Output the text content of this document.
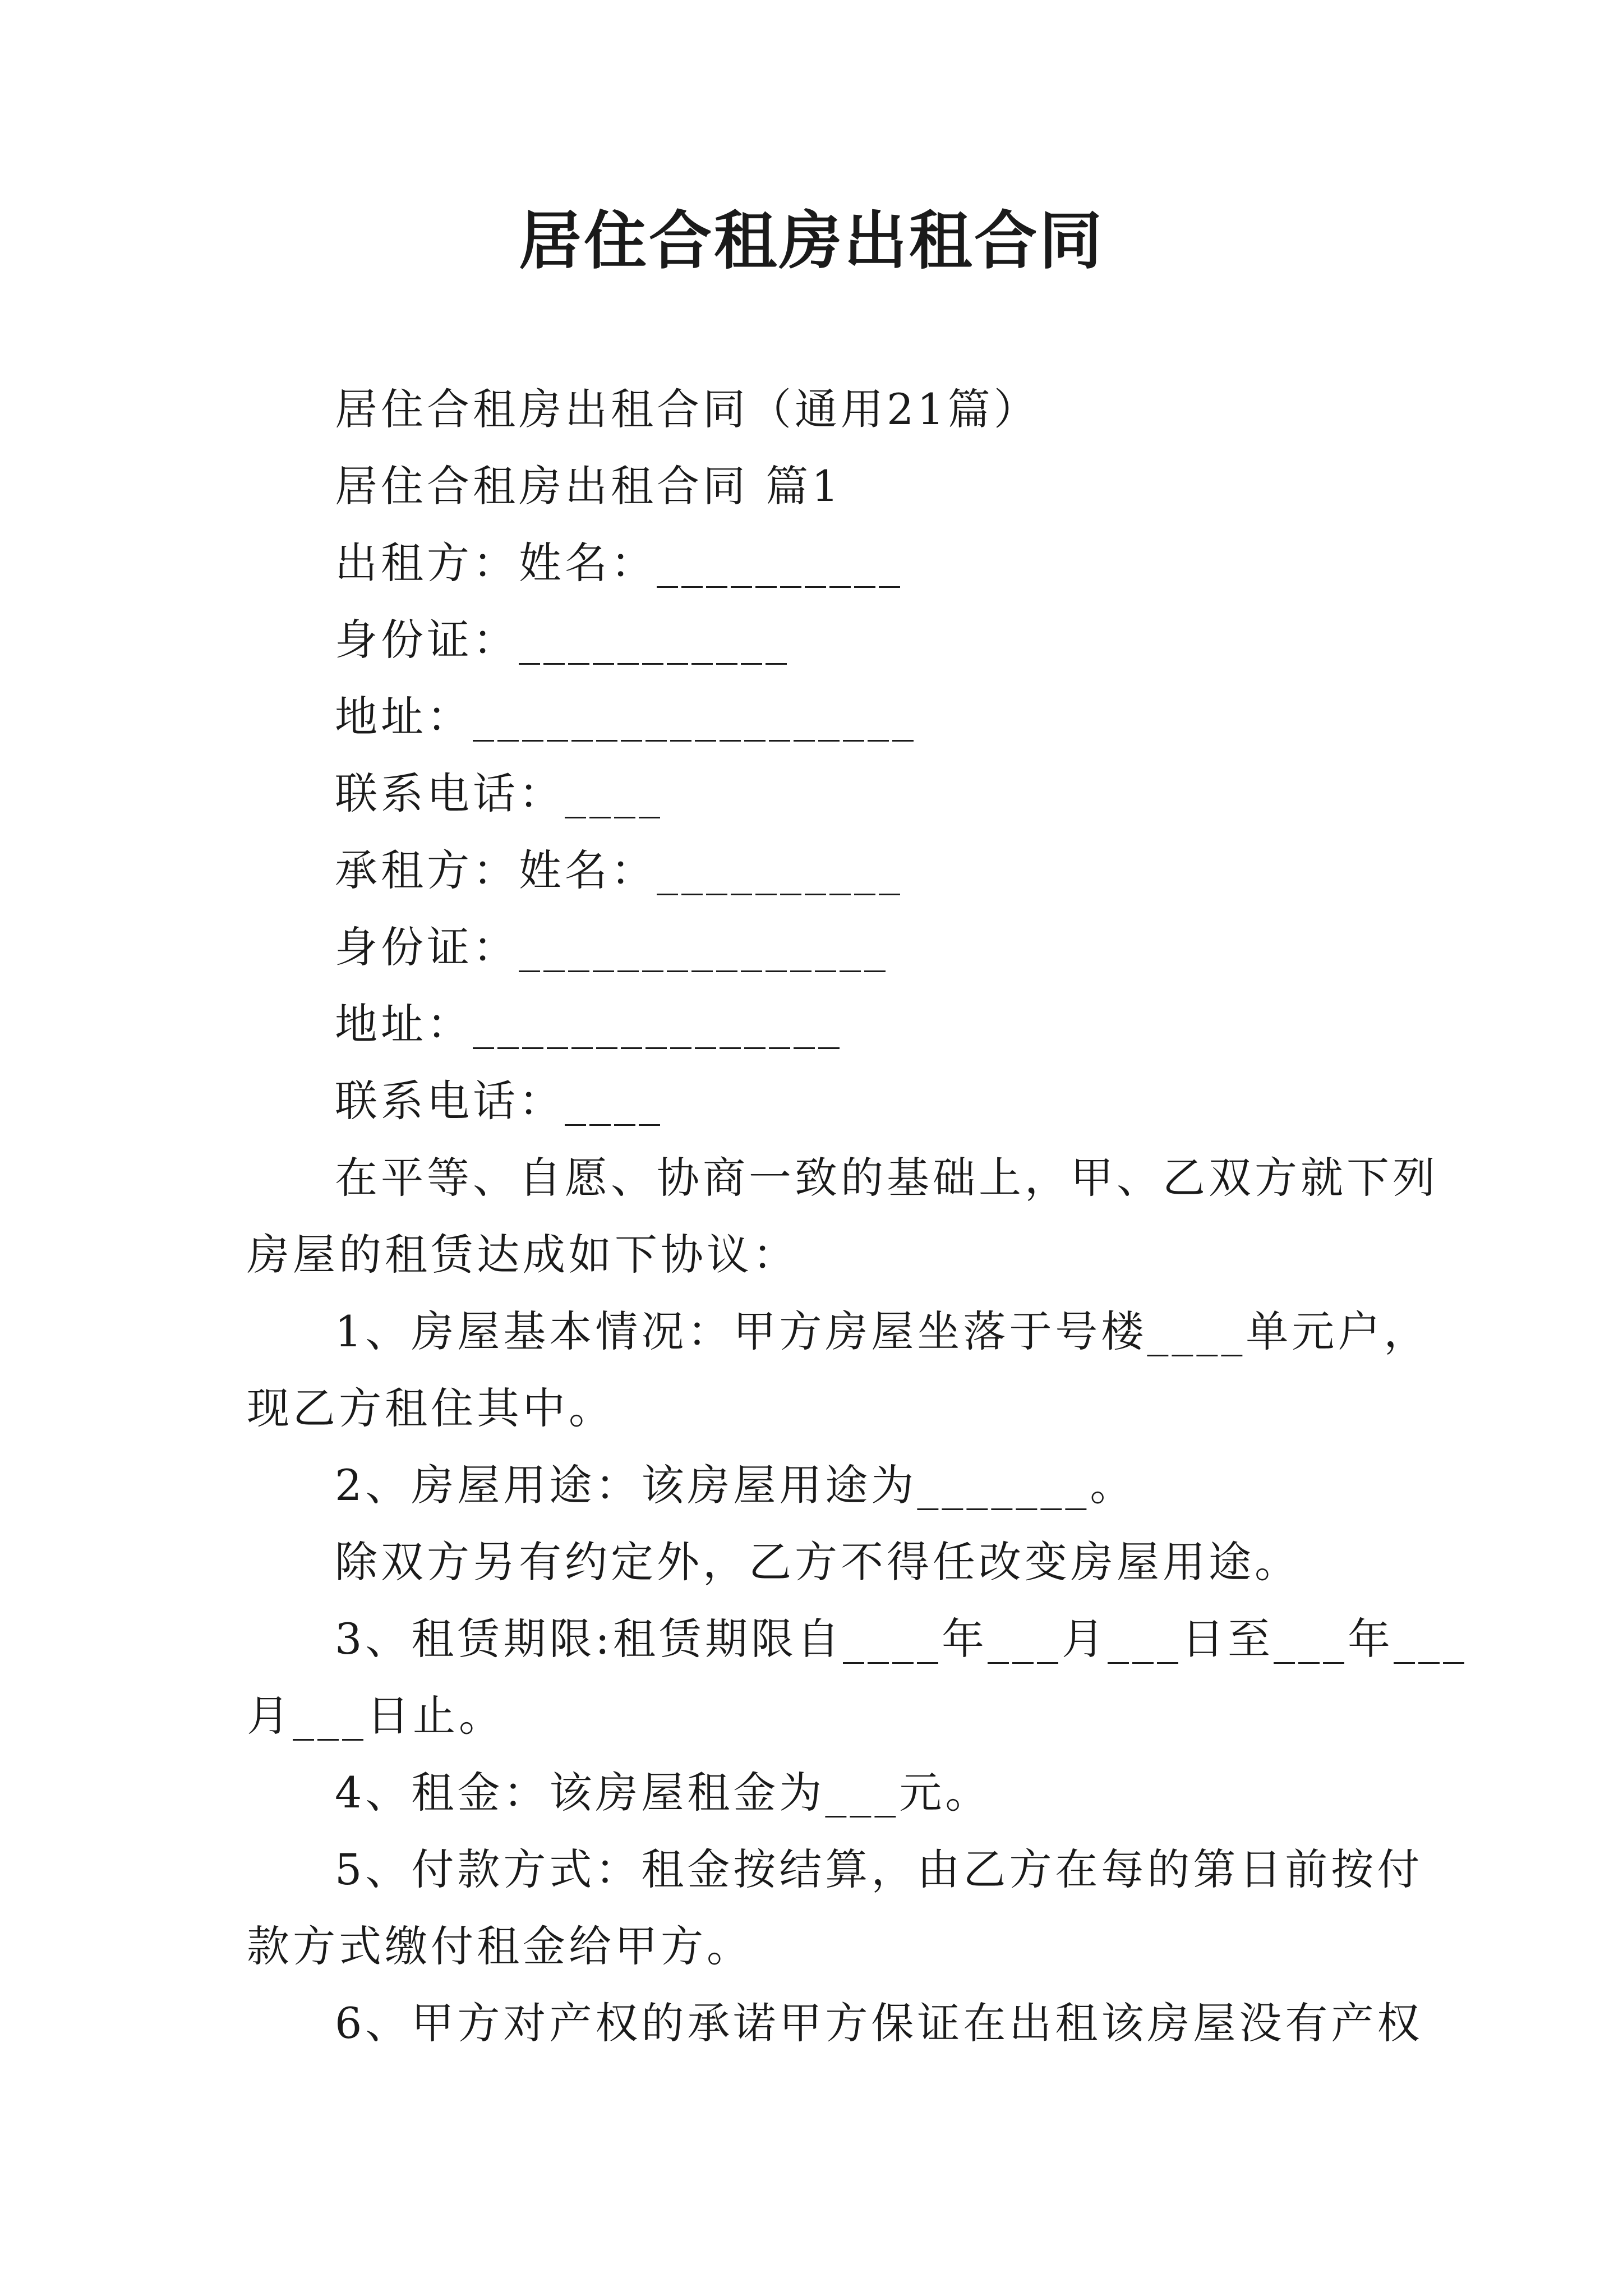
居住合租房出租合同
居住合租房出租合同（通用21篇）
居住合租房出租合同 篇1
出租方：姓名：__________
身份证：___________
地址：__________________
联系电话：____
承租方：姓名：__________
身份证：_______________
地址：_______________
联系电话：____
在平等、自愿、协商一致的基础上，甲、乙双方就下列
房屋的租赁达成如下协议：
1、房屋基本情况：甲方房屋坐落于号楼____单元户，
现乙方租住其中。
2、房屋用途：该房屋用途为_______。
除双方另有约定外，乙方不得任改变房屋用途。
3、租赁期限:租赁期限自____年___月___日至___年___
月___日止。
4、租金：该房屋租金为___元。
5、付款方式：租金按结算，由乙方在每的第日前按付
款方式缴付租金给甲方。
6、甲方对产权的承诺甲方保证在出租该房屋没有产权
